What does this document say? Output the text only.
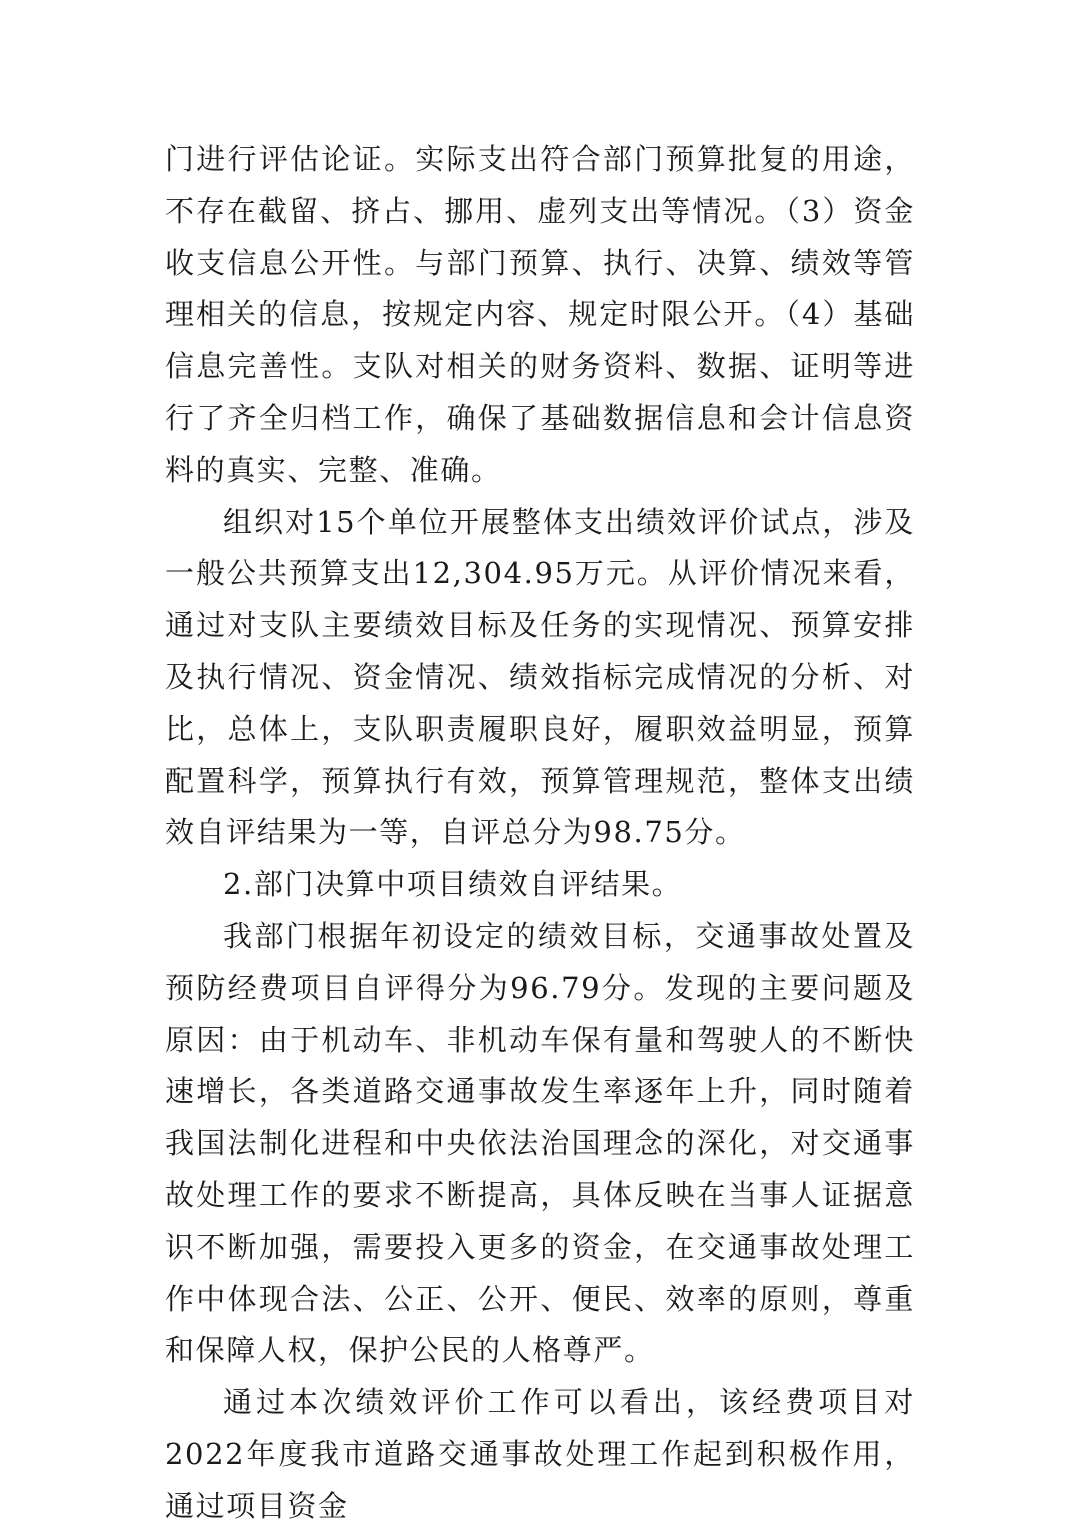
门进行评估论证。实际支出符合部门预算批复的用途，不存在截留、挤占、挪用、虚列支出等情况。（3）资金收支信息公开性。与部门预算、执行、决算、绩效等管理相关的信息，按规定内容、规定时限公开。（4）基础信息完善性。支队对相关的财务资料、数据、证明等进行了齐全归档工作，确保了基础数据信息和会计信息资料的真实、完整、准确。

组织对15个单位开展整体支出绩效评价试点，涉及一般公共预算支出12,304.95万元。从评价情况来看，通过对支队主要绩效目标及任务的实现情况、预算安排及执行情况、资金情况、绩效指标完成情况的分析、对比，总体上，支队职责履职良好，履职效益明显，预算配置科学，预算执行有效，预算管理规范，整体支出绩效自评结果为一等，自评总分为98.75分。

2.部门决算中项目绩效自评结果。

我部门根据年初设定的绩效目标，交通事故处置及预防经费项目自评得分为96.79分。发现的主要问题及原因：由于机动车、非机动车保有量和驾驶人的不断快速增长，各类道路交通事故发生率逐年上升，同时随着我国法制化进程和中央依法治国理念的深化，对交通事故处理工作的要求不断提高，具体反映在当事人证据意识不断加强，需要投入更多的资金，在交通事故处理工作中体现合法、公正、公开、便民、效率的原则，尊重和保障人权，保护公民的人格尊严。

通过本次绩效评价工作可以看出，该经费项目对2022年度我市道路交通事故处理工作起到积极作用，通过项目资金
